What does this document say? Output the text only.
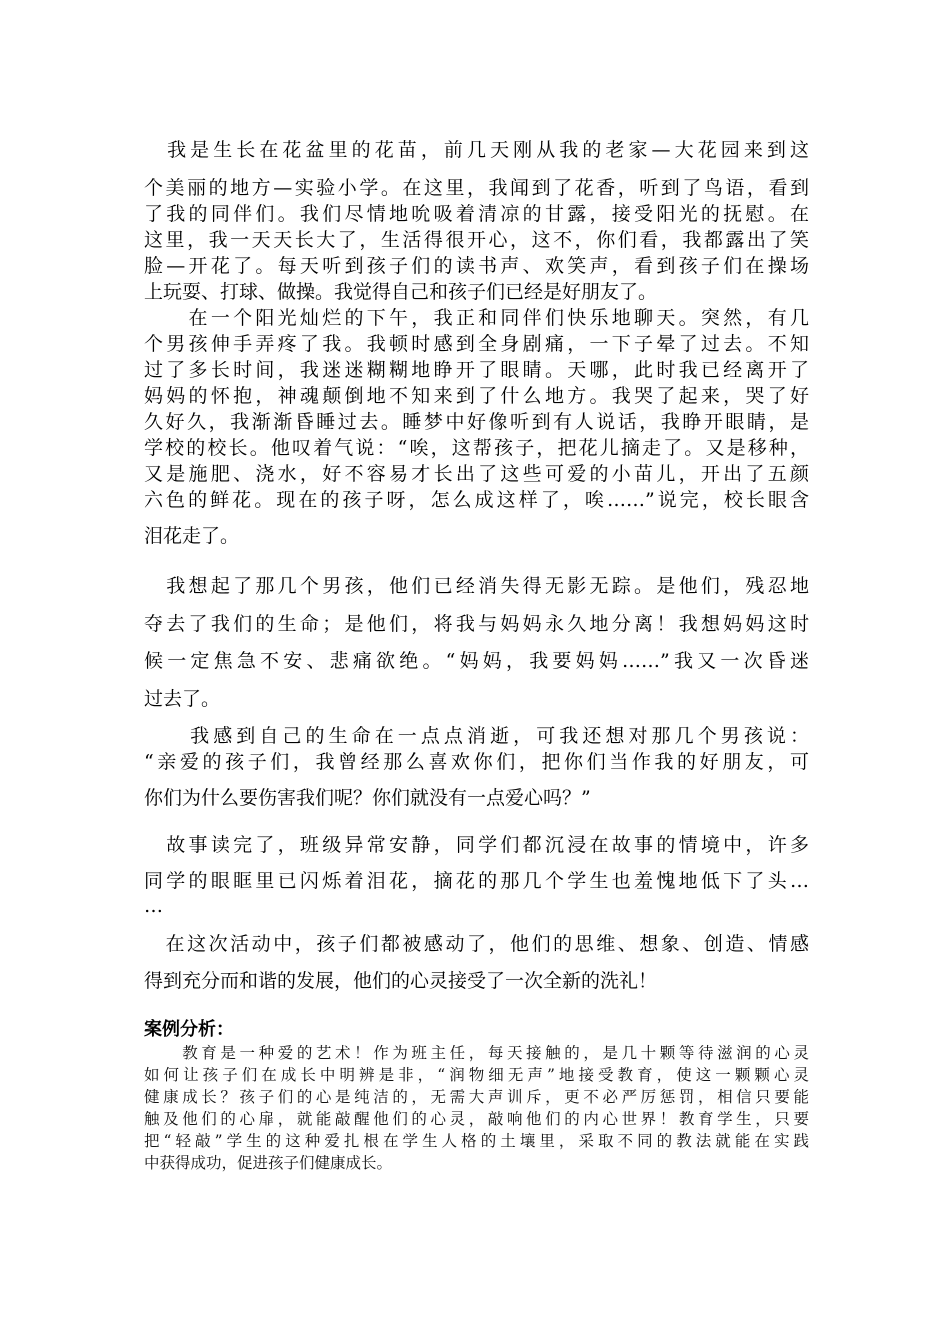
　我是生长在花盆里的花苗，前几天刚从我的老家—大花园来到这
个美丽的地方—实验小学。在这里，我闻到了花香，听到了鸟语，看到
了我的同伴们。我们尽情地吮吸着清凉的甘露，接受阳光的抚慰。在
这里，我一天天长大了，生活得很开心，这不，你们看，我都露出了笑
脸—开花了。每天听到孩子们的读书声、欢笑声，看到孩子们在操场
上玩耍、打球、做操。我觉得自己和孩子们已经是好朋友了。
　　在一个阳光灿烂的下午，我正和同伴们快乐地聊天。突然，有几
个男孩伸手弄疼了我。我顿时感到全身剧痛，一下子晕了过去。不知
过了多长时间，我迷迷糊糊地睁开了眼睛。天哪，此时我已经离开了
妈妈的怀抱，神魂颠倒地不知来到了什么地方。我哭了起来，哭了好
久好久，我渐渐昏睡过去。睡梦中好像听到有人说话，我睁开眼睛，是
学校的校长。他叹着气说：“唉，这帮孩子，把花儿摘走了。又是移种，
又是施肥、浇水，好不容易才长出了这些可爱的小苗儿，开出了五颜
六色的鲜花。现在的孩子呀，怎么成这样了，唉……”说完，校长眼含
泪花走了。
　我想起了那几个男孩，他们已经消失得无影无踪。是他们，残忍地
夺去了我们的生命；是他们，将我与妈妈永久地分离！我想妈妈这时
候一定焦急不安、悲痛欲绝。“妈妈，我要妈妈……”我又一次昏迷
过去了。
　　我感到自己的生命在一点点消逝，可我还想对那几个男孩说：
“亲爱的孩子们，我曾经那么喜欢你们，把你们当作我的好朋友，可
你们为什么要伤害我们呢？你们就没有一点爱心吗？”
　故事读完了，班级异常安静，同学们都沉浸在故事的情境中，许多
同学的眼眶里已闪烁着泪花，摘花的那几个学生也羞愧地低下了头…
…
　在这次活动中，孩子们都被感动了，他们的思维、想象、创造、情感
得到充分而和谐的发展，他们的心灵接受了一次全新的洗礼！
案例分析：
　　教育是一种爱的艺术！作为班主任，每天接触的，是几十颗等待滋润的心灵
如何让孩子们在成长中明辨是非，“润物细无声”地接受教育，使这一颗颗心灵
健康成长？孩子们的心是纯洁的，无需大声训斥，更不必严厉惩罚，相信只要能
触及他们的心扉，就能敲醒他们的心灵，敲响他们的内心世界！教育学生，只要
把“轻敲”学生的这种爱扎根在学生人格的土壤里，采取不同的教法就能在实践
中获得成功，促进孩子们健康成长。
